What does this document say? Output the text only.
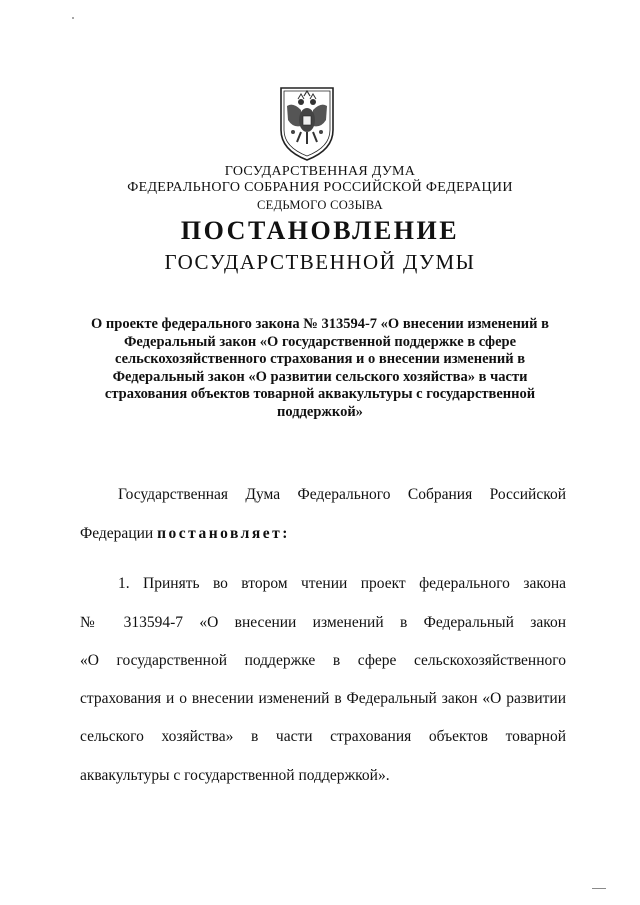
ГОСУДАРСТВЕННАЯ ДУМА
ФЕДЕРАЛЬНОГО СОБРАНИЯ РОССИЙСКОЙ ФЕДЕРАЦИИ
СЕДЬМОГО СОЗЫВА
ПОСТАНОВЛЕНИЕ
ГОСУДАРСТВЕННОЙ ДУМЫ
О проекте федерального закона № 313594-7 «О внесении изменений в
Федеральный закон «О государственной поддержке в сфере
сельскохозяйственного страхования и о внесении изменений в
Федеральный закон «О развитии сельского хозяйства» в части
страхования объектов товарной аквакультуры с государственной
поддержкой»
Государственная Дума Федерального Собрания Российской
Федерации постановляет:
1. Принять во втором чтении проект федерального закона
№ 313594-7 «О внесении изменений в Федеральный закон
«О государственной поддержке в сфере сельскохозяйственного
страхования и о внесении изменений в Федеральный закон «О развитии
сельского хозяйства» в части страхования объектов товарной
аквакультуры с государственной поддержкой».
